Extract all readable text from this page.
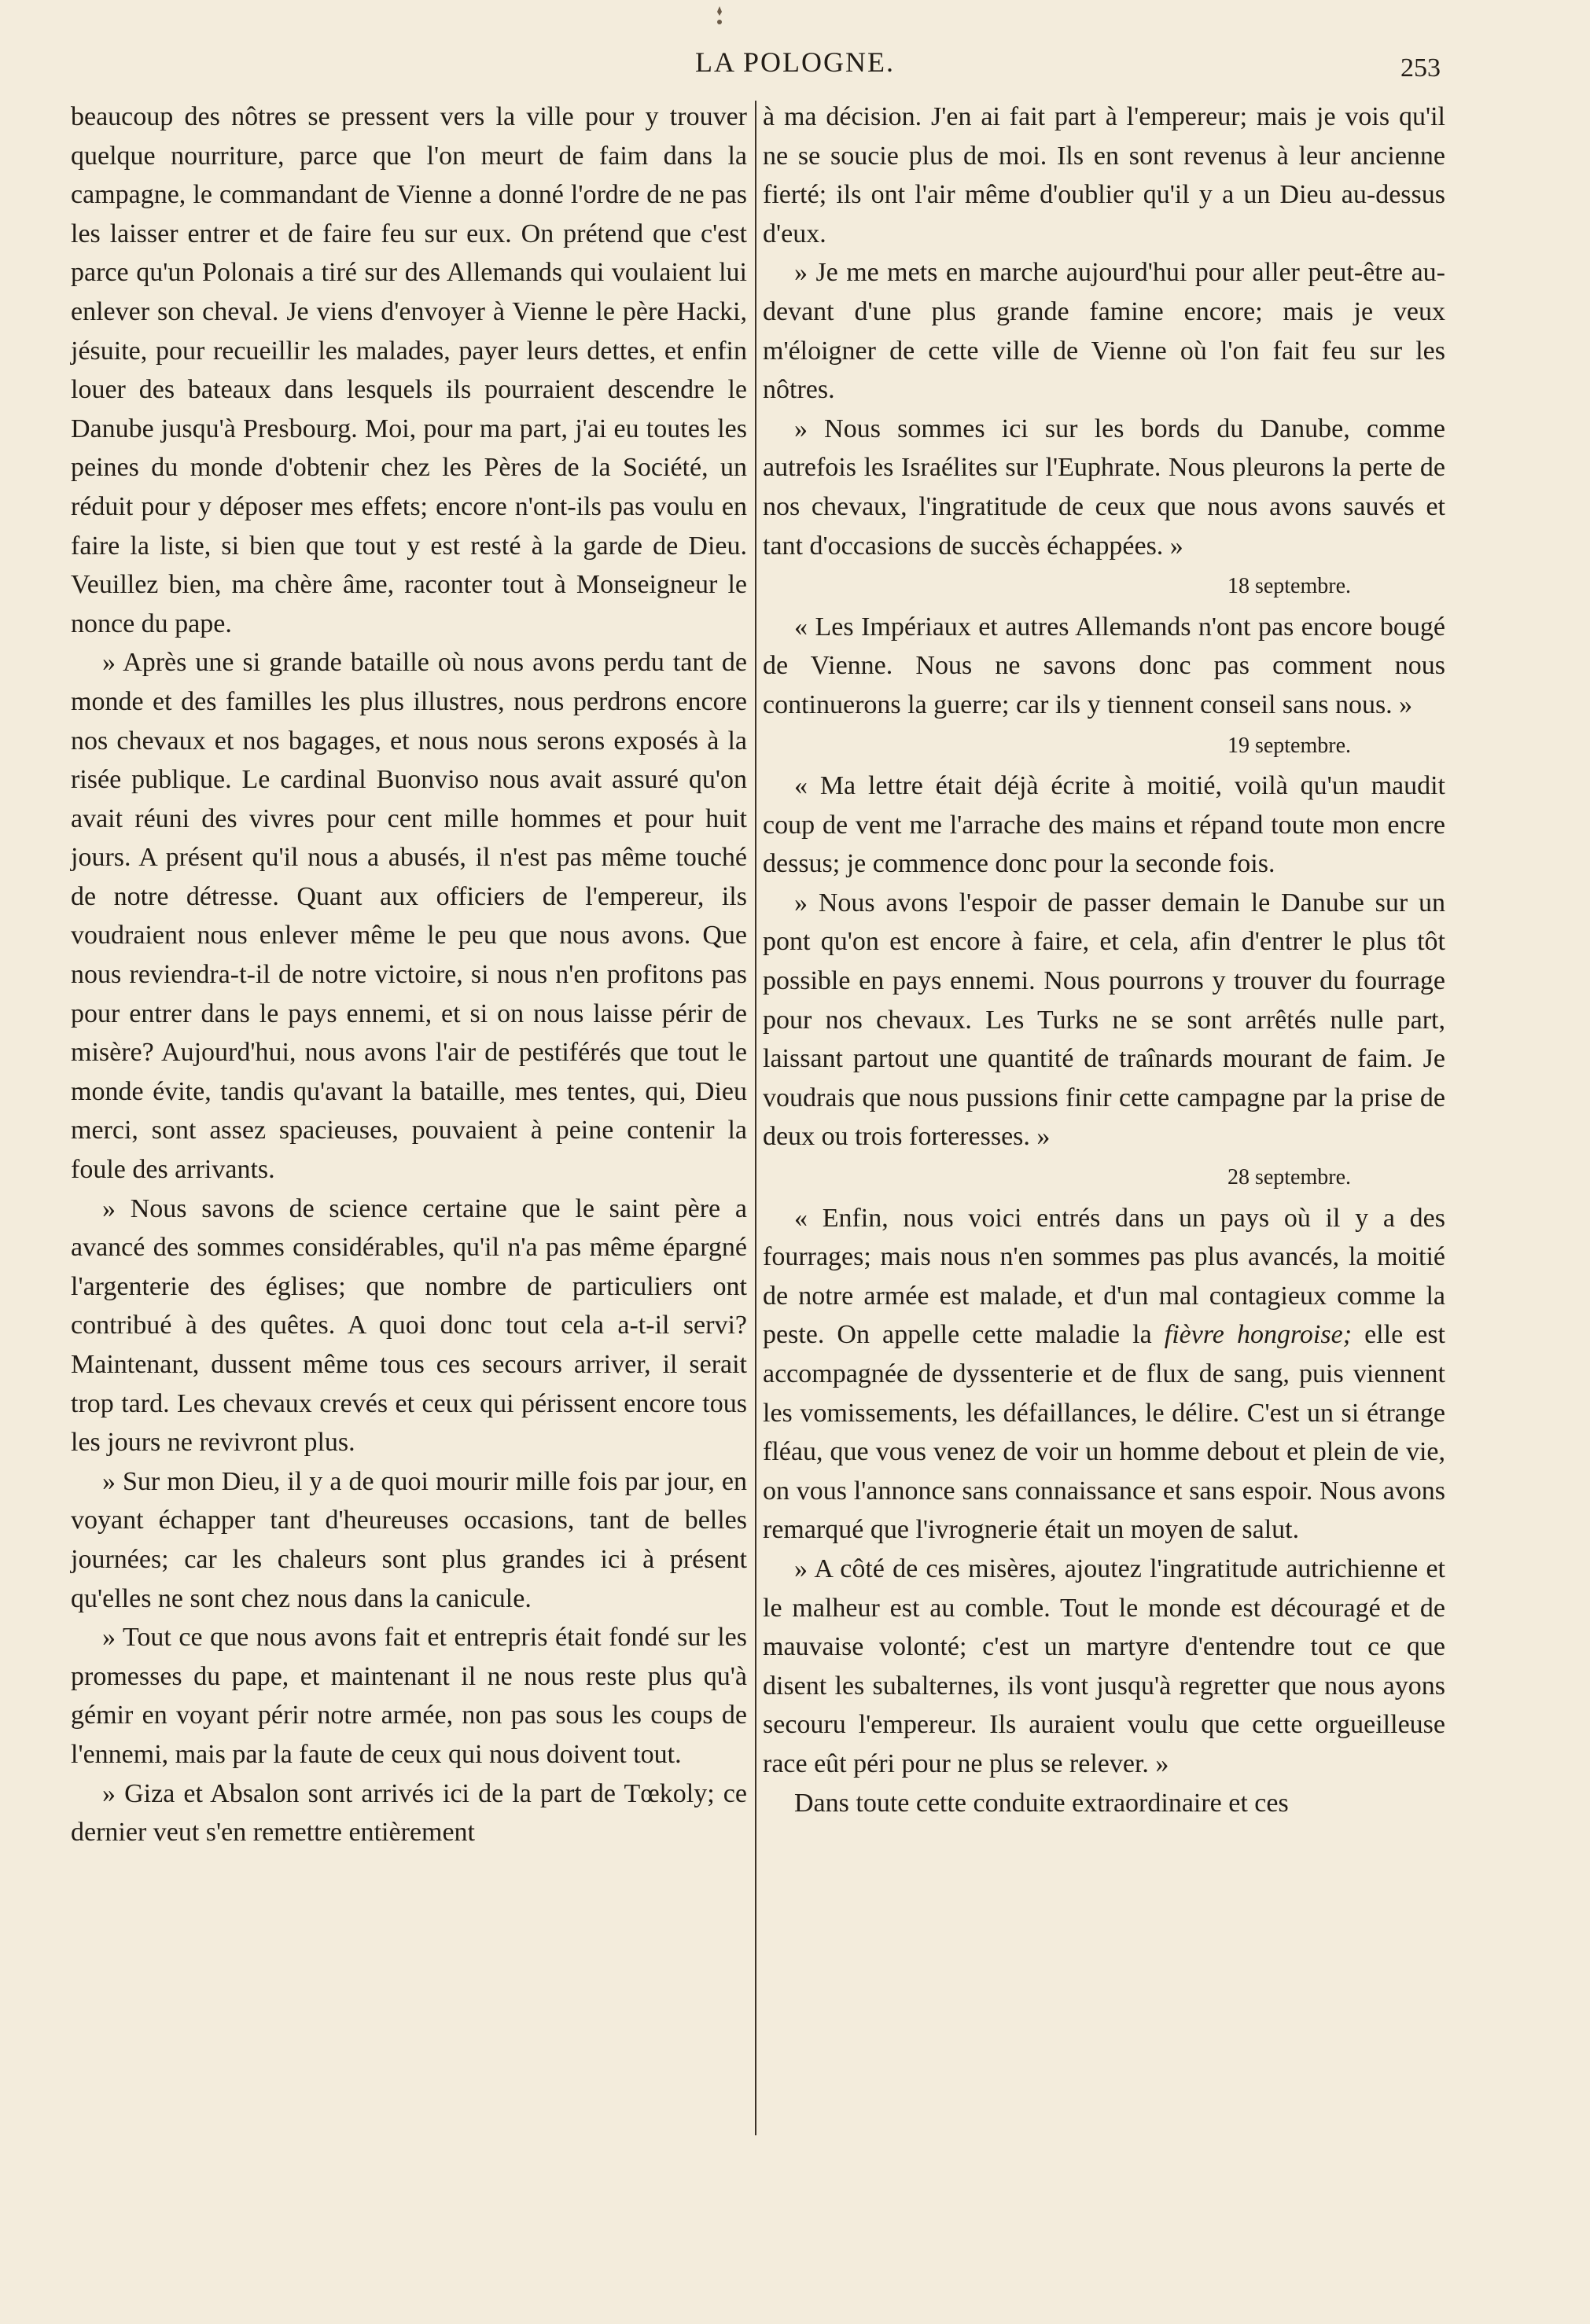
LA POLOGNE.	253

beaucoup des nôtres se pressent vers la ville pour y trouver quelque nourriture, parce que l'on meurt de faim dans la campagne, le commandant de Vienne a donné l'ordre de ne pas les laisser entrer et de faire feu sur eux. On prétend que c'est parce qu'un Polonais a tiré sur des Allemands qui voulaient lui enlever son cheval. Je viens d'envoyer à Vienne le père Hacki, jésuite, pour recueillir les malades, payer leurs dettes, et enfin louer des bateaux dans lesquels ils pourraient descendre le Danube jusqu'à Presbourg. Moi, pour ma part, j'ai eu toutes les peines du monde d'obtenir chez les Pères de la Société, un réduit pour y déposer mes effets; encore n'ont-ils pas voulu en faire la liste, si bien que tout y est resté à la garde de Dieu. Veuillez bien, ma chère âme, raconter tout à Monseigneur le nonce du pape.

» Après une si grande bataille où nous avons perdu tant de monde et des familles les plus illustres, nous perdrons encore nos chevaux et nos bagages, et nous nous serons exposés à la risée publique. Le cardinal Buonviso nous avait assuré qu'on avait réuni des vivres pour cent mille hommes et pour huit jours. A présent qu'il nous a abusés, il n'est pas même touché de notre détresse. Quant aux officiers de l'empereur, ils voudraient nous enlever même le peu que nous avons. Que nous reviendra-t-il de notre victoire, si nous n'en profitons pas pour entrer dans le pays ennemi, et si on nous laisse périr de misère? Aujourd'hui, nous avons l'air de pestiférés que tout le monde évite, tandis qu'avant la bataille, mes tentes, qui, Dieu merci, sont assez spacieuses, pouvaient à peine contenir la foule des arrivants.

» Nous savons de science certaine que le saint père a avancé des sommes considérables, qu'il n'a pas même épargné l'argenterie des églises; que nombre de particuliers ont contribué à des quêtes. A quoi donc tout cela a-t-il servi? Maintenant, dussent même tous ces secours arriver, il serait trop tard. Les chevaux crevés et ceux qui périssent encore tous les jours ne revivront plus.

» Sur mon Dieu, il y a de quoi mourir mille fois par jour, en voyant échapper tant d'heureuses occasions, tant de belles journées; car les chaleurs sont plus grandes ici à présent qu'elles ne sont chez nous dans la canicule.

» Tout ce que nous avons fait et entrepris était fondé sur les promesses du pape, et maintenant il ne nous reste plus qu'à gémir en voyant périr notre armée, non pas sous les coups de l'ennemi, mais par la faute de ceux qui nous doivent tout.

» Giza et Absalon sont arrivés ici de la part de Tœkoly; ce dernier veut s'en remettre entièrement

à ma décision. J'en ai fait part à l'empereur; mais je vois qu'il ne se soucie plus de moi. Ils en sont revenus à leur ancienne fierté; ils ont l'air même d'oublier qu'il y a un Dieu au-dessus d'eux.

» Je me mets en marche aujourd'hui pour aller peut-être au-devant d'une plus grande famine encore; mais je veux m'éloigner de cette ville de Vienne où l'on fait feu sur les nôtres.

» Nous sommes ici sur les bords du Danube, comme autrefois les Israélites sur l'Euphrate. Nous pleurons la perte de nos chevaux, l'ingratitude de ceux que nous avons sauvés et tant d'occasions de succès échappées. »

18 septembre.

« Les Impériaux et autres Allemands n'ont pas encore bougé de Vienne. Nous ne savons donc pas comment nous continuerons la guerre; car ils y tiennent conseil sans nous. »

19 septembre.

« Ma lettre était déjà écrite à moitié, voilà qu'un maudit coup de vent me l'arrache des mains et répand toute mon encre dessus; je commence donc pour la seconde fois.

» Nous avons l'espoir de passer demain le Danube sur un pont qu'on est encore à faire, et cela, afin d'entrer le plus tôt possible en pays ennemi. Nous pourrons y trouver du fourrage pour nos chevaux. Les Turks ne se sont arrêtés nulle part, laissant partout une quantité de traînards mourant de faim. Je voudrais que nous pussions finir cette campagne par la prise de deux ou trois forteresses. »

28 septembre.

« Enfin, nous voici entrés dans un pays où il y a des fourrages; mais nous n'en sommes pas plus avancés, la moitié de notre armée est malade, et d'un mal contagieux comme la peste. On appelle cette maladie la fièvre hongroise; elle est accompagnée de dyssenterie et de flux de sang, puis viennent les vomissements, les défaillances, le délire. C'est un si étrange fléau, que vous venez de voir un homme debout et plein de vie, on vous l'annonce sans connaissance et sans espoir. Nous avons remarqué que l'ivrognerie était un moyen de salut.

» A côté de ces misères, ajoutez l'ingratitude autrichienne et le malheur est au comble. Tout le monde est découragé et de mauvaise volonté; c'est un martyre d'entendre tout ce que disent les subalternes, ils vont jusqu'à regretter que nous ayons secouru l'empereur. Ils auraient voulu que cette orgueilleuse race eût péri pour ne plus se relever. »

Dans toute cette conduite extraordinaire et ces
